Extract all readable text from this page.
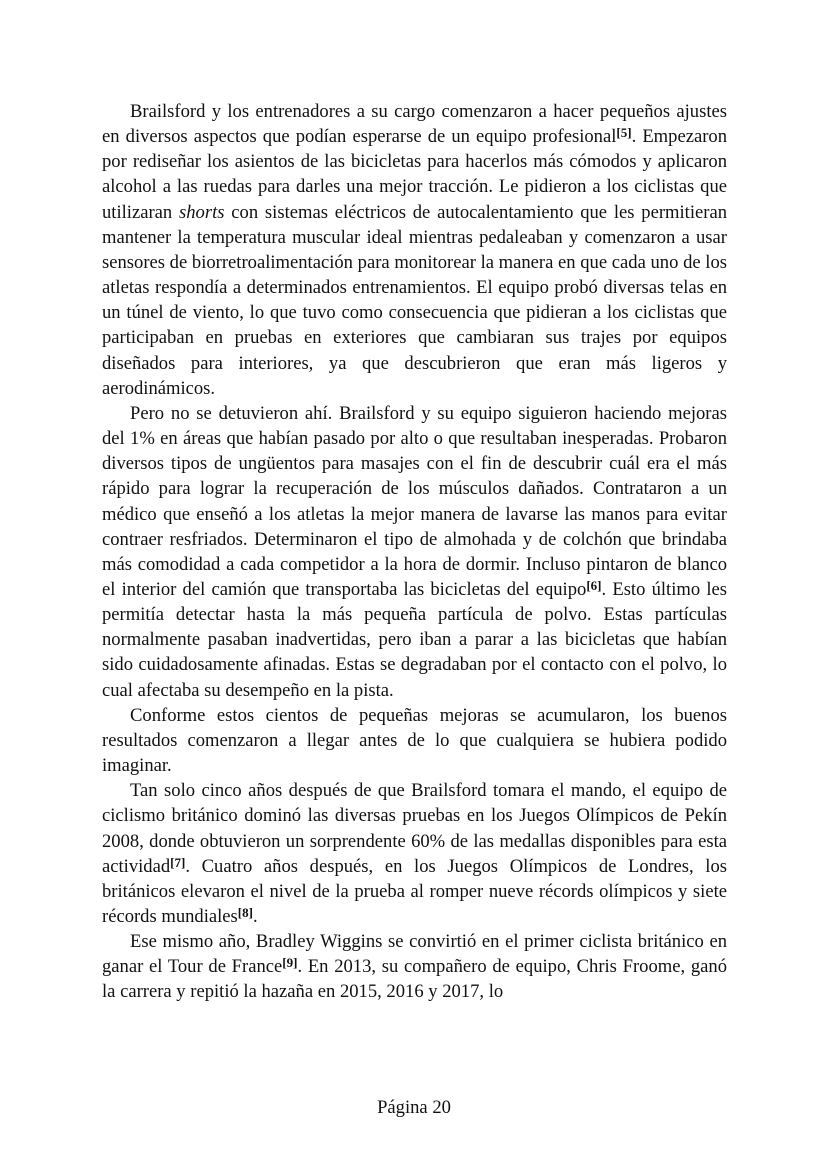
Brailsford y los entrenadores a su cargo comenzaron a hacer pequeños ajustes en diversos aspectos que podían esperarse de un equipo profesional[5]. Empezaron por rediseñar los asientos de las bicicletas para hacerlos más cómodos y aplicaron alcohol a las ruedas para darles una mejor tracción. Le pidieron a los ciclistas que utilizaran shorts con sistemas eléctricos de autocalentamiento que les permitieran mantener la temperatura muscular ideal mientras pedaleaban y comenzaron a usar sensores de biorretroalimentación para monitorear la manera en que cada uno de los atletas respondía a determinados entrenamientos. El equipo probó diversas telas en un túnel de viento, lo que tuvo como consecuencia que pidieran a los ciclistas que participaban en pruebas en exteriores que cambiaran sus trajes por equipos diseñados para interiores, ya que descubrieron que eran más ligeros y aerodinámicos.

Pero no se detuvieron ahí. Brailsford y su equipo siguieron haciendo mejoras del 1% en áreas que habían pasado por alto o que resultaban inesperadas. Probaron diversos tipos de ungüentos para masajes con el fin de descubrir cuál era el más rápido para lograr la recuperación de los músculos dañados. Contrataron a un médico que enseñó a los atletas la mejor manera de lavarse las manos para evitar contraer resfriados. Determinaron el tipo de almohada y de colchón que brindaba más comodidad a cada competidor a la hora de dormir. Incluso pintaron de blanco el interior del camión que transportaba las bicicletas del equipo[6]. Esto último les permitía detectar hasta la más pequeña partícula de polvo. Estas partículas normalmente pasaban inadvertidas, pero iban a parar a las bicicletas que habían sido cuidadosamente afinadas. Estas se degradaban por el contacto con el polvo, lo cual afectaba su desempeño en la pista.

Conforme estos cientos de pequeñas mejoras se acumularon, los buenos resultados comenzaron a llegar antes de lo que cualquiera se hubiera podido imaginar.

Tan solo cinco años después de que Brailsford tomara el mando, el equipo de ciclismo británico dominó las diversas pruebas en los Juegos Olímpicos de Pekín 2008, donde obtuvieron un sorprendente 60% de las medallas disponibles para esta actividad[7]. Cuatro años después, en los Juegos Olímpicos de Londres, los británicos elevaron el nivel de la prueba al romper nueve récords olímpicos y siete récords mundiales[8].

Ese mismo año, Bradley Wiggins se convirtió en el primer ciclista británico en ganar el Tour de France[9]. En 2013, su compañero de equipo, Chris Froome, ganó la carrera y repitió la hazaña en 2015, 2016 y 2017, lo

Página 20
